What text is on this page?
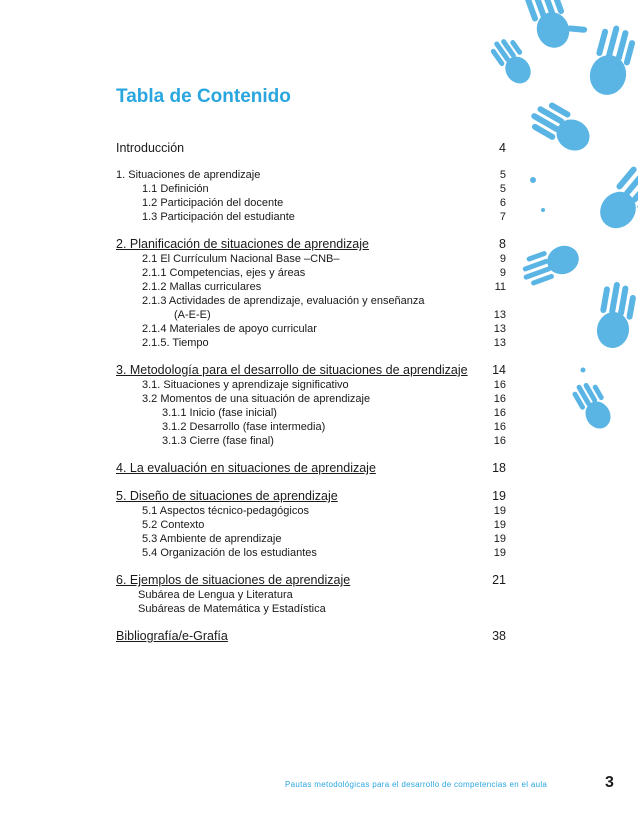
Tabla de Contenido
Introducción	4
1. Situaciones de aprendizaje	5
1.1 Definición	5
1.2 Participación del docente	6
1.3 Participación del estudiante	7
2. Planificación de situaciones de aprendizaje	8
2.1 El Currículum Nacional Base –CNB–	9
2.1.1 Competencias, ejes y áreas	9
2.1.2 Mallas curriculares	11
2.1.3 Actividades de aprendizaje, evaluación y enseñanza
(A-E-E)	13
2.1.4 Materiales de apoyo curricular	13
2.1.5. Tiempo	13
3. Metodología para el desarrollo de situaciones de aprendizaje 14
3.1. Situaciones y aprendizaje significativo	16
3.2 Momentos de una situación de aprendizaje	16
3.1.1 Inicio (fase inicial)	16
3.1.2 Desarrollo (fase intermedia)	16
3.1.3 Cierre (fase final)	16
4. La evaluación en situaciones de aprendizaje	18
5. Diseño de situaciones de aprendizaje	19
5.1 Aspectos técnico-pedagógicos	19
5.2 Contexto	19
5.3 Ambiente de aprendizaje	19
5.4 Organización de los estudiantes	19
6. Ejemplos de situaciones de aprendizaje	21
Subárea de Lengua y Literatura
Subáreas de Matemática y Estadística
Bibliografía/e-Grafía	38
Pautas metodológicas para el desarrollo de competencias en el aula	3
